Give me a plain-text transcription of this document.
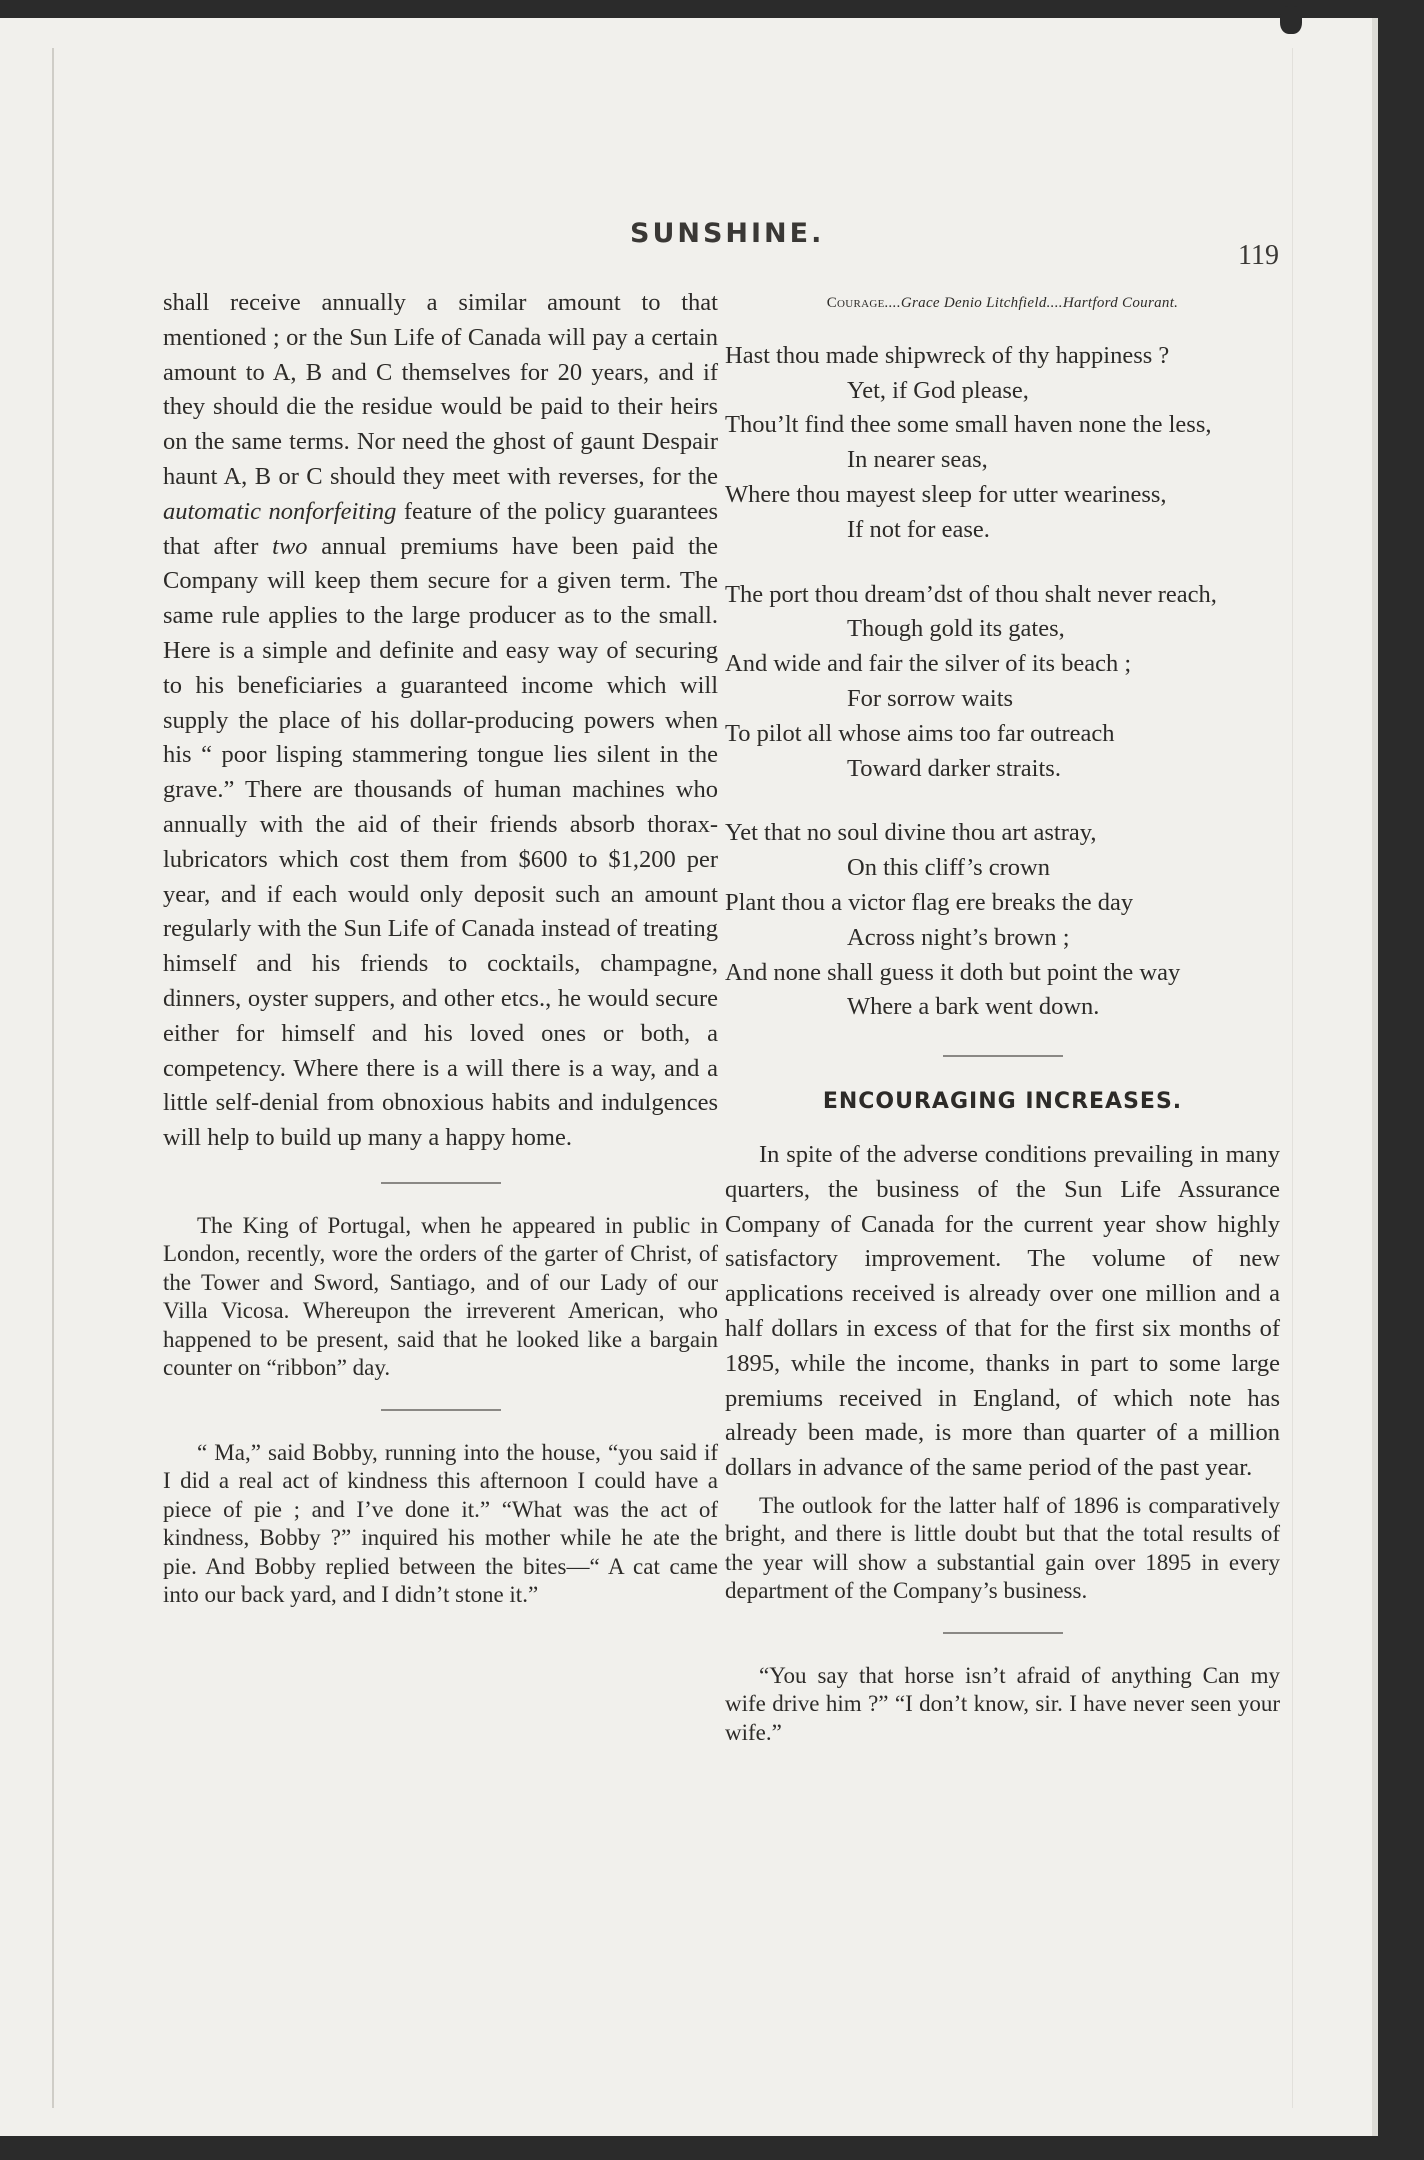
SUNSHINE.
119

shall receive annually a similar amount to that mentioned ; or the Sun Life of Canada will pay a certain amount to A, B and C themselves for 20 years, and if they should die the residue would be paid to their heirs on the same terms. Nor need the ghost of gaunt Despair haunt A, B or C should they meet with reverses, for the automatic nonforfeiting feature of the policy guarantees that after two annual premiums have been paid the Company will keep them secure for a given term. The same rule applies to the large producer as to the small. Here is a simple and definite and easy way of securing to his beneficiaries a guaranteed income which will supply the place of his dollar-producing powers when his “ poor lisping stammering tongue lies silent in the grave.” There are thousands of human machines who annually with the aid of their friends absorb thorax-lubricators which cost them from $600 to $1,200 per year, and if each would only deposit such an amount regularly with the Sun Life of Canada instead of treating himself and his friends to cocktails, champagne, dinners, oyster suppers, and other etcs., he would secure either for himself and his loved ones or both, a competency. Where there is a will there is a way, and a little self-denial from obnoxious habits and indulgences will help to build up many a happy home.

The King of Portugal, when he appeared in public in London, recently, wore the orders of the garter of Christ, of the Tower and Sword, Santiago, and of our Lady of our Villa Vicosa. Whereupon the irreverent American, who happened to be present, said that he looked like a bargain counter on “ribbon” day.

“ Ma,” said Bobby, running into the house, “you said if I did a real act of kindness this afternoon I could have a piece of pie ; and I’ve done it.” “What was the act of kindness, Bobby ?” inquired his mother while he ate the pie. And Bobby replied between the bites—“ A cat came into our back yard, and I didn’t stone it.”

Courage....Grace Denio Litchfield....Hartford Courant.
Hast thou made shipwreck of thy happiness ?
Yet, if God please,
Thou’lt find thee some small haven none the less,
In nearer seas,
Where thou mayest sleep for utter weariness,
If not for ease.
The port thou dream’dst of thou shalt never reach,
Though gold its gates,
And wide and fair the silver of its beach ;
For sorrow waits
To pilot all whose aims too far outreach
Toward darker straits.
Yet that no soul divine thou art astray,
On this cliff’s crown
Plant thou a victor flag ere breaks the day
Across night’s brown ;
And none shall guess it doth but point the way
Where a bark went down.
ENCOURAGING INCREASES.

In spite of the adverse conditions prevailing in many quarters, the business of the Sun Life Assurance Company of Canada for the current year show highly satisfactory improvement. The volume of new applications received is already over one million and a half dollars in excess of that for the first six months of 1895, while the income, thanks in part to some large premiums received in England, of which note has already been made, is more than quarter of a million dollars in advance of the same period of the past year.

The outlook for the latter half of 1896 is comparatively bright, and there is little doubt but that the total results of the year will show a substantial gain over 1895 in every department of the Company’s business.

“You say that horse isn’t afraid of anything Can my wife drive him ?” “I don’t know, sir. I have never seen your wife.”
